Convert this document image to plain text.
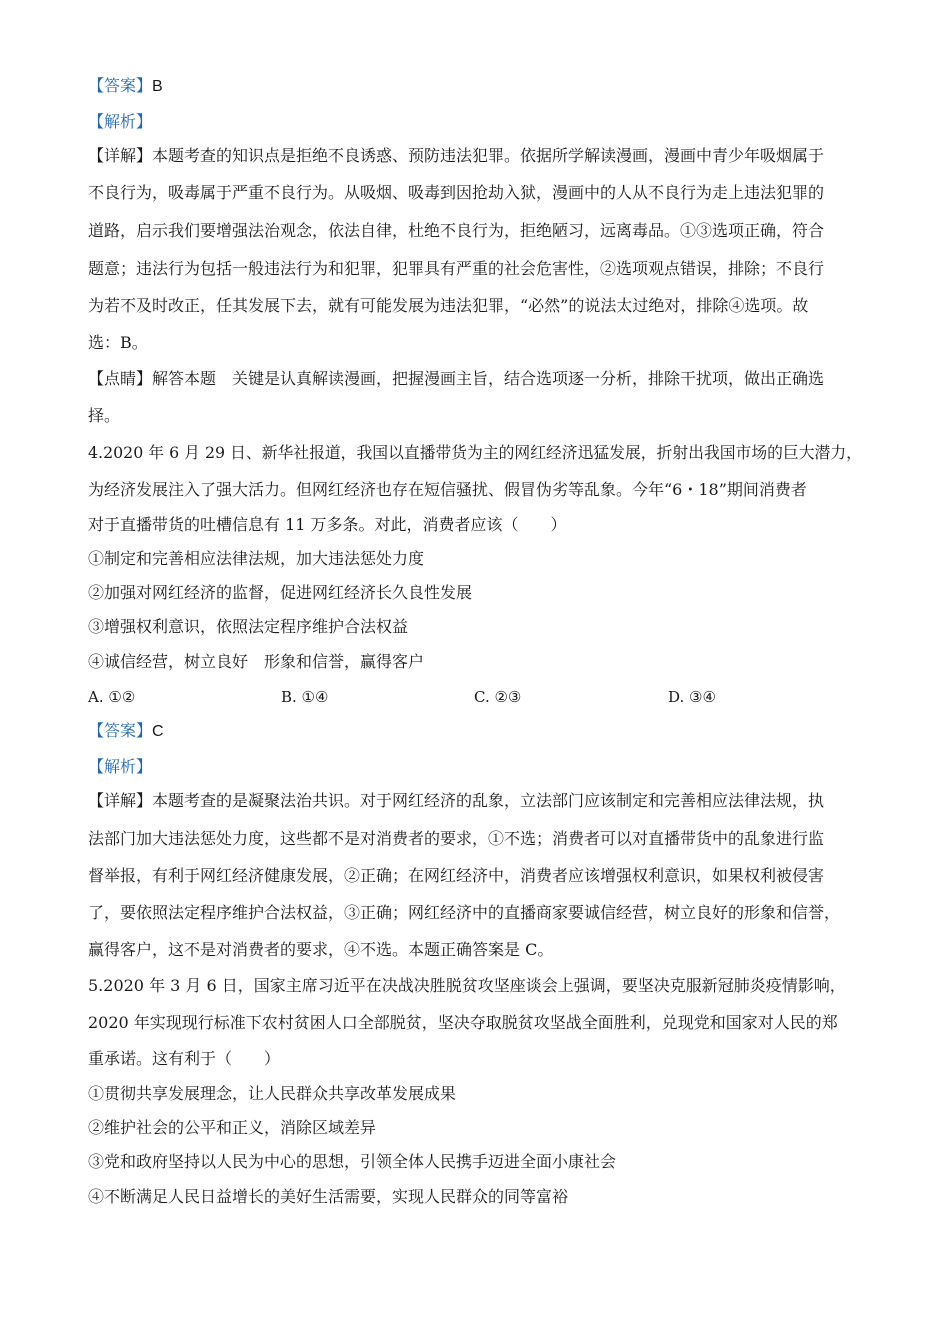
【答案】B
【解析】
【详解】本题考查的知识点是拒绝不良诱惑、预防违法犯罪。依据所学解读漫画，漫画中青少年吸烟属于
不良行为，吸毒属于严重不良行为。从吸烟、吸毒到因抢劫入狱，漫画中的人从不良行为走上违法犯罪的
道路，启示我们要增强法治观念，依法自律，杜绝不良行为，拒绝陋习，远离毒品。①③选项正确，符合
题意；违法行为包括一般违法行为和犯罪，犯罪具有严重的社会危害性，②选项观点错误，排除；不良行
为若不及时改正，任其发展下去，就有可能发展为违法犯罪，“必然”的说法太过绝对，排除④选项。故
选：B。
【点睛】解答本题　关键是认真解读漫画，把握漫画主旨，结合选项逐一分析，排除干扰项，做出正确选
择。
4.2020 年 6 月 29 日、新华社报道，我国以直播带货为主的网红经济迅猛发展，折射出我国市场的巨大潜力，
为经济发展注入了强大活力。但网红经济也存在短信骚扰、假冒伪劣等乱象。今年“6・18”期间消费者
对于直播带货的吐槽信息有 11 万多条。对此，消费者应该（　　）
①制定和完善相应法律法规，加大违法惩处力度
②加强对网红经济的监督，促进网红经济长久良性发展
③增强权利意识，依照法定程序维护合法权益
④诚信经营，树立良好　形象和信誉，赢得客户
A. ①②	B. ①④	C. ②③	D. ③④
【答案】C
【解析】
【详解】本题考查的是凝聚法治共识。对于网红经济的乱象，立法部门应该制定和完善相应法律法规，执
法部门加大违法惩处力度，这些都不是对消费者的要求，①不选；消费者可以对直播带货中的乱象进行监
督举报，有利于网红经济健康发展，②正确；在网红经济中，消费者应该增强权利意识，如果权利被侵害
了，要依照法定程序维护合法权益，③正确；网红经济中的直播商家要诚信经营，树立良好的形象和信誉，
赢得客户，这不是对消费者的要求，④不选。本题正确答案是 C。
5.2020 年 3 月 6 日，国家主席习近平在决战决胜脱贫攻坚座谈会上强调，要坚决克服新冠肺炎疫情影响，
2020 年实现现行标准下农村贫困人口全部脱贫，坚决夺取脱贫攻坚战全面胜利，兑现党和国家对人民的郑
重承诺。这有利于（　　）
①贯彻共享发展理念，让人民群众共享改革发展成果
②维护社会的公平和正义，消除区域差异
③党和政府坚持以人民为中心的思想，引领全体人民携手迈进全面小康社会
④不断满足人民日益增长的美好生活需要，实现人民群众的同等富裕
